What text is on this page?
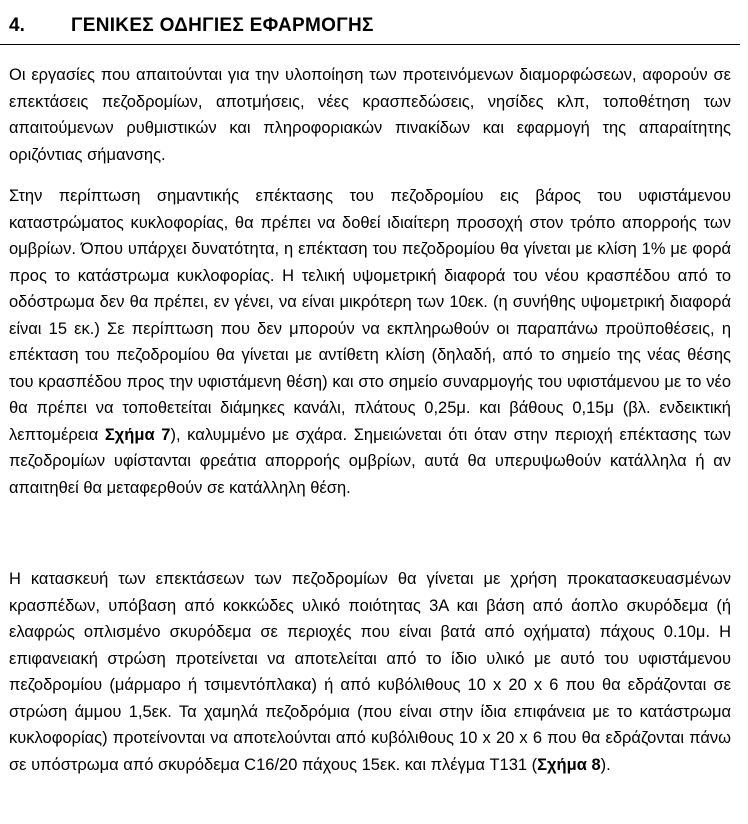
4. ΓΕΝΙΚΕΣ ΟΔΗΓΙΕΣ ΕΦΑΡΜΟΓΗΣ

Οι εργασίες που απαιτούνται για την υλοποίηση των προτεινόμενων διαμορφώσεων, αφορούν σε επεκτάσεις πεζοδρομίων, αποτμήσεις, νέες κρασπεδώσεις, νησίδες κλπ, τοποθέτηση των απαιτούμενων ρυθμιστικών και πληροφοριακών πινακίδων και εφαρμογή της απαραίτητης οριζόντιας σήμανσης.

Στην περίπτωση σημαντικής επέκτασης του πεζοδρομίου εις βάρος του υφιστάμενου καταστρώματος κυκλοφορίας, θα πρέπει να δοθεί ιδιαίτερη προσοχή στον τρόπο απορροής των ομβρίων. Όπου υπάρχει δυνατότητα, η επέκταση του πεζοδρομίου θα γίνεται με κλίση 1% με φορά προς το κατάστρωμα κυκλοφορίας. Η τελική υψομετρική διαφορά του νέου κρασπέδου από το οδόστρωμα δεν θα πρέπει, εν γένει, να είναι μικρότερη των 10εκ. (η συνήθης υψομετρική διαφορά είναι 15 εκ.) Σε περίπτωση που δεν μπορούν να εκπληρωθούν οι παραπάνω προϋποθέσεις, η επέκταση του πεζοδρομίου θα γίνεται με αντίθετη κλίση (δηλαδή, από το σημείο της νέας θέσης του κρασπέδου προς την υφιστάμενη θέση) και στο σημείο συναρμογής του υφιστάμενου με το νέο θα πρέπει να τοποθετείται διάμηκες κανάλι, πλάτους 0,25μ. και βάθους 0,15μ (βλ. ενδεικτική λεπτομέρεια Σχήμα 7), καλυμμένο με σχάρα. Σημειώνεται ότι όταν στην περιοχή επέκτασης των πεζοδρομίων υφίστανται φρεάτια απορροής ομβρίων, αυτά θα υπερυψωθούν κατάλληλα ή αν απαιτηθεί θα μεταφερθούν σε κατάλληλη θέση.

Η κατασκευή των επεκτάσεων των πεζοδρομίων θα γίνεται με χρήση προκατασκευασμένων κρασπέδων, υπόβαση από κοκκώδες υλικό ποιότητας 3Α και βάση από άοπλο σκυρόδεμα (ή ελαφρώς οπλισμένο σκυρόδεμα σε περιοχές που είναι βατά από οχήματα) πάχους 0.10μ. Η επιφανειακή στρώση προτείνεται να αποτελείται από το ίδιο υλικό με αυτό του υφιστάμενου πεζοδρομίου (μάρμαρο ή τσιμεντόπλακα) ή από κυβόλιθους 10 x 20 x 6 που θα εδράζονται σε στρώση άμμου 1,5εκ. Τα χαμηλά πεζοδρόμια (που είναι στην ίδια επιφάνεια με το κατάστρωμα κυκλοφορίας) προτείνονται να αποτελούνται από κυβόλιθους 10 x 20 x 6 που θα εδράζονται πάνω σε υπόστρωμα από σκυρόδεμα C16/20 πάχους 15εκ. και πλέγμα T131 (Σχήμα 8).
